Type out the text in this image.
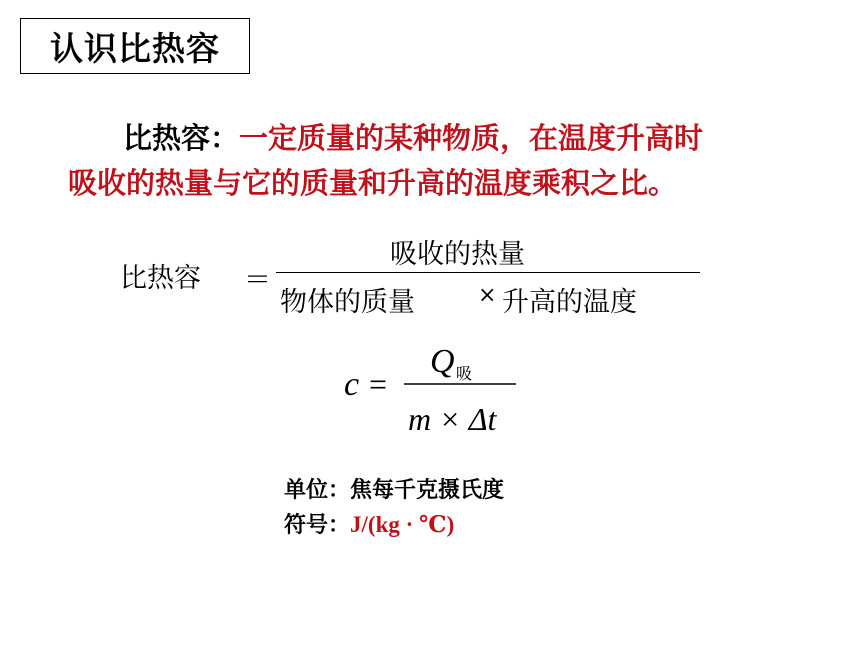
认识比热容
比热容：一定质量的某种物质，在温度升高时
吸收的热量与它的质量和升高的温度乘积之比。
比热容 ＝
吸收的热量
物体的质量	× 升高的温度
c =
Q 吸
m × Δt
单位：焦每千克摄氏度
符号：J/(kg · ℃)
